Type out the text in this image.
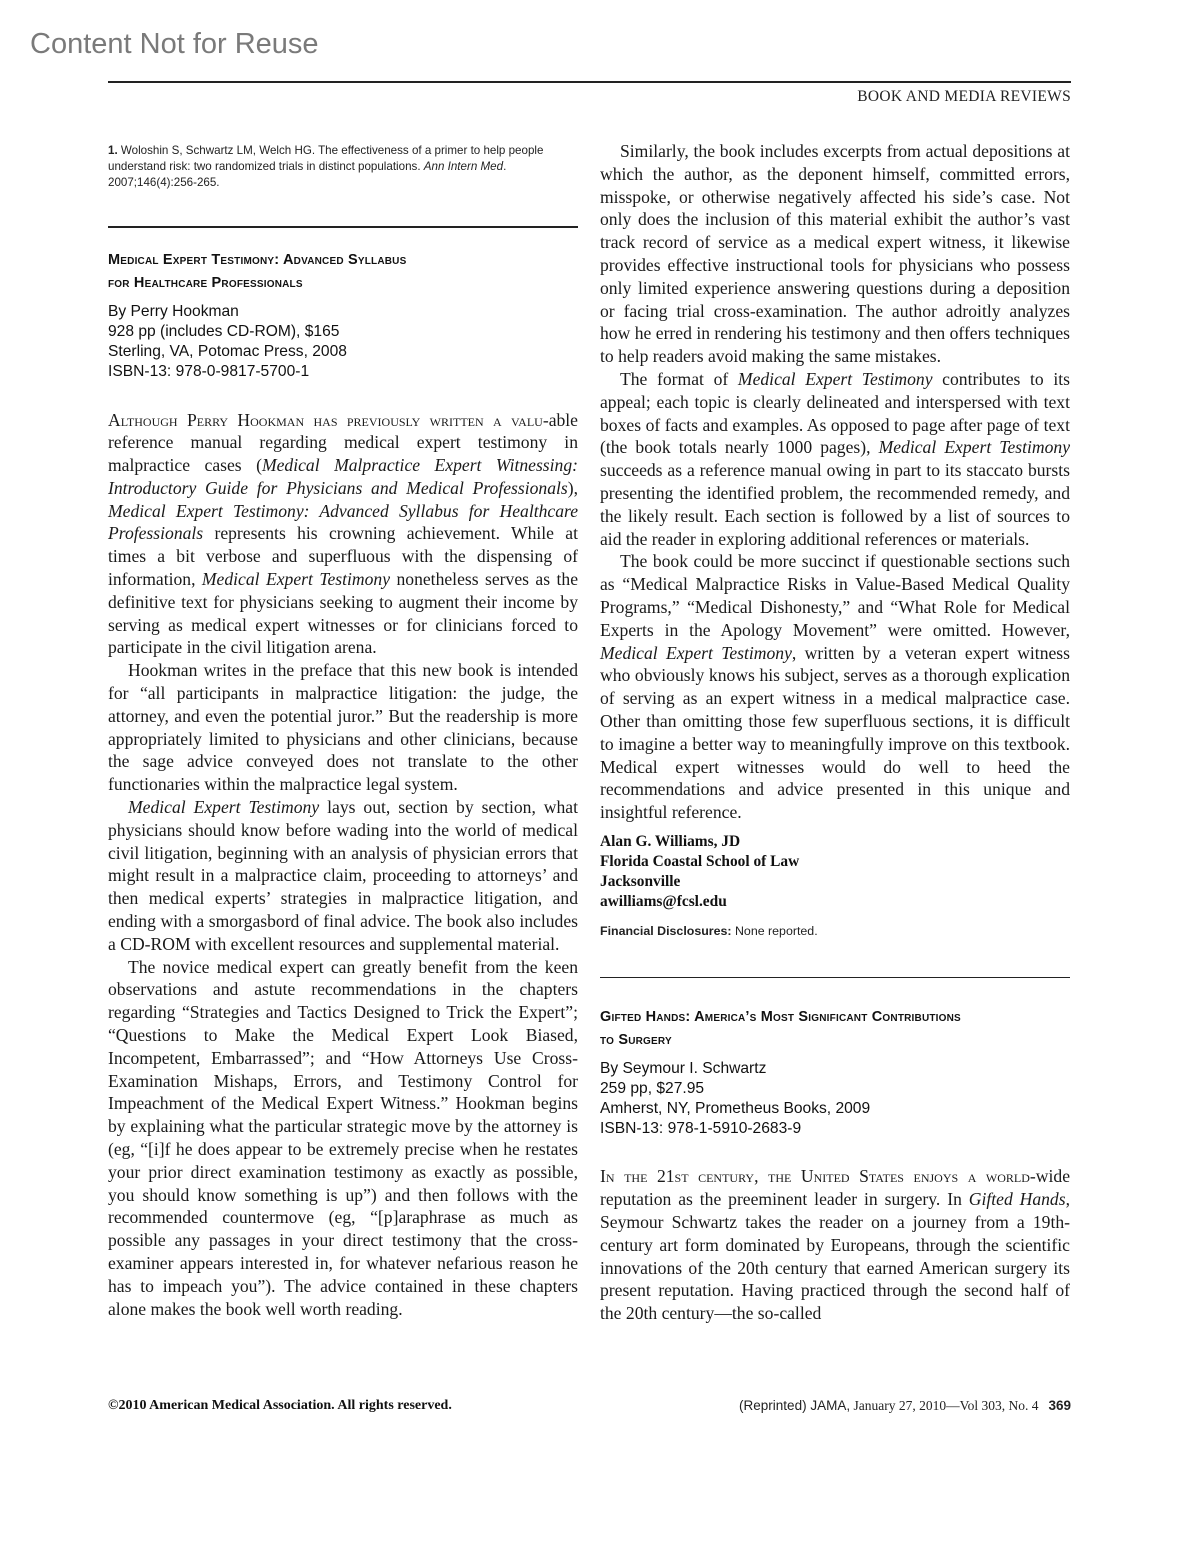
Content Not for Reuse
BOOK AND MEDIA REVIEWS
1. Woloshin S, Schwartz LM, Welch HG. The effectiveness of a primer to help people understand risk: two randomized trials in distinct populations. Ann Intern Med. 2007;146(4):256-265.
Medical Expert Testimony: Advanced Syllabus
for Healthcare Professionals
By Perry Hookman
928 pp (includes CD-ROM), $165
Sterling, VA, Potomac Press, 2008
ISBN-13: 978-0-9817-5700-1

Although Perry Hookman has previously written a valu-able reference manual regarding medical expert testimony in malpractice cases (Medical Malpractice Expert Witnessing: Introductory Guide for Physicians and Medical Professionals), Medical Expert Testimony: Advanced Syllabus for Healthcare Professionals represents his crowning achievement. While at times a bit verbose and superfluous with the dispensing of information, Medical Expert Testimony nonetheless serves as the definitive text for physicians seeking to augment their income by serving as medical expert witnesses or for clinicians forced to participate in the civil litigation arena.

Hookman writes in the preface that this new book is intended for “all participants in malpractice litigation: the judge, the attorney, and even the potential juror.” But the readership is more appropriately limited to physicians and other clinicians, because the sage advice conveyed does not translate to the other functionaries within the malpractice legal system.

Medical Expert Testimony lays out, section by section, what physicians should know before wading into the world of medical civil litigation, beginning with an analysis of physician errors that might result in a malpractice claim, proceeding to attorneys’ and then medical experts’ strategies in malpractice litigation, and ending with a smorgasbord of final advice. The book also includes a CD-ROM with excellent resources and supplemental material.

The novice medical expert can greatly benefit from the keen observations and astute recommendations in the chapters regarding “Strategies and Tactics Designed to Trick the Expert”; “Questions to Make the Medical Expert Look Biased, Incompetent, Embarrassed”; and “How Attorneys Use Cross-Examination Mishaps, Errors, and Testimony Control for Impeachment of the Medical Expert Witness.” Hookman begins by explaining what the particular strategic move by the attorney is (eg, “[i]f he does appear to be extremely precise when he restates your prior direct examination testimony as exactly as possible, you should know something is up”) and then follows with the recommended countermove (eg, “[p]araphrase as much as possible any passages in your direct testimony that the cross-examiner appears interested in, for whatever nefarious reason he has to impeach you”). The advice contained in these chapters alone makes the book well worth reading.

Similarly, the book includes excerpts from actual depositions at which the author, as the deponent himself, committed errors, misspoke, or otherwise negatively affected his side’s case. Not only does the inclusion of this material exhibit the author’s vast track record of service as a medical expert witness, it likewise provides effective instructional tools for physicians who possess only limited experience answering questions during a deposition or facing trial cross-examination. The author adroitly analyzes how he erred in rendering his testimony and then offers techniques to help readers avoid making the same mistakes.

The format of Medical Expert Testimony contributes to its appeal; each topic is clearly delineated and interspersed with text boxes of facts and examples. As opposed to page after page of text (the book totals nearly 1000 pages), Medical Expert Testimony succeeds as a reference manual owing in part to its staccato bursts presenting the identified problem, the recommended remedy, and the likely result. Each section is followed by a list of sources to aid the reader in exploring additional references or materials.

The book could be more succinct if questionable sections such as “Medical Malpractice Risks in Value-Based Medical Quality Programs,” “Medical Dishonesty,” and “What Role for Medical Experts in the Apology Movement” were omitted. However, Medical Expert Testimony, written by a veteran expert witness who obviously knows his subject, serves as a thorough explication of serving as an expert witness in a medical malpractice case. Other than omitting those few superfluous sections, it is difficult to imagine a better way to meaningfully improve on this textbook. Medical expert witnesses would do well to heed the recommendations and advice presented in this unique and insightful reference.

Alan G. Williams, JD
Florida Coastal School of Law
Jacksonville
awilliams@fcsl.edu
Financial Disclosures: None reported.
Gifted Hands: America’s Most Significant Contributions
to Surgery
By Seymour I. Schwartz
259 pp, $27.95
Amherst, NY, Prometheus Books, 2009
ISBN-13: 978-1-5910-2683-9

In the 21st century, the United States enjoys a world-wide reputation as the preeminent leader in surgery. In Gifted Hands, Seymour Schwartz takes the reader on a journey from a 19th-century art form dominated by Europeans, through the scientific innovations of the 20th century that earned American surgery its present reputation. Having practiced through the second half of the 20th century—the so-called

©2010 American Medical Association. All rights reserved.	(Reprinted) JAMA, January 27, 2010—Vol 303, No. 4 369
